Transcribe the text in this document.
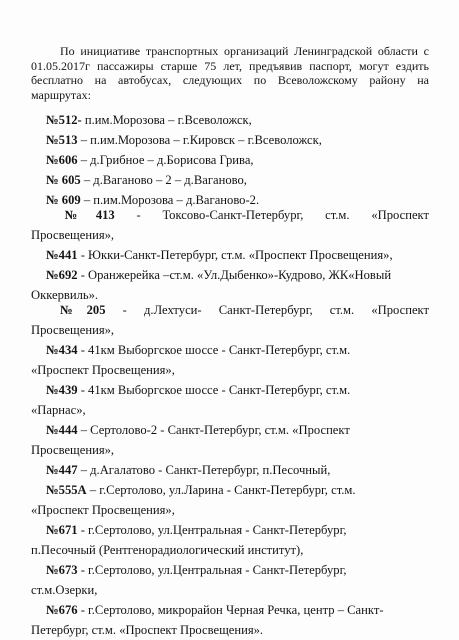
По инициативе транспортных организаций Ленинградской области с 01.05.2017г пассажиры старше 75 лет, предъявив паспорт, могут ездить бесплатно на автобусах, следующих по Всеволожскому району на маршрутах:

№512- п.им.Морозова – г.Всеволожск,
№513 – п.им.Морозова – г.Кировск – г.Всеволожск,
№606 – д.Грибное – д.Борисова Грива,
№ 605 – д.Ваганово – 2 – д.Ваганово,
№ 609 – п.им.Морозова – д.Ваганово-2.
№413 - Токсово-Санкт-Петербург, ст.м. «Проспект
Просвещения»,
№441 - Юкки-Санкт-Петербург, ст.м. «Проспект Просвещения»,
№692 - Оранжерейка –ст.м. «Ул.Дыбенко»-Кудрово, ЖК«Новый
Оккервиль».
№205 - д.Лехтуси- Санкт-Петербург, ст.м. «Проспект
Просвещения»,
№434 - 41км Выборгское шоссе - Санкт-Петербург, ст.м.
«Проспект Просвещения»,
№439 - 41км Выборгское шоссе - Санкт-Петербург, ст.м.
«Парнас»,
№444 – Сертолово-2 - Санкт-Петербург, ст.м. «Проспект
Просвещения»,
№447 – д.Агалатово - Санкт-Петербург, п.Песочный,
№555А – г.Сертолово, ул.Ларина - Санкт-Петербург, ст.м.
«Проспект Просвещения»,
№671 - г.Сертолово, ул.Центральная - Санкт-Петербург,
п.Песочный (Рентгенорадиологический институт),
№673 - г.Сертолово, ул.Центральная - Санкт-Петербург,
ст.м.Озерки,
№676 - г.Сертолово, микрорайон Черная Речка, центр – Санкт-
Петербург, ст.м. «Проспект Просвещения».
